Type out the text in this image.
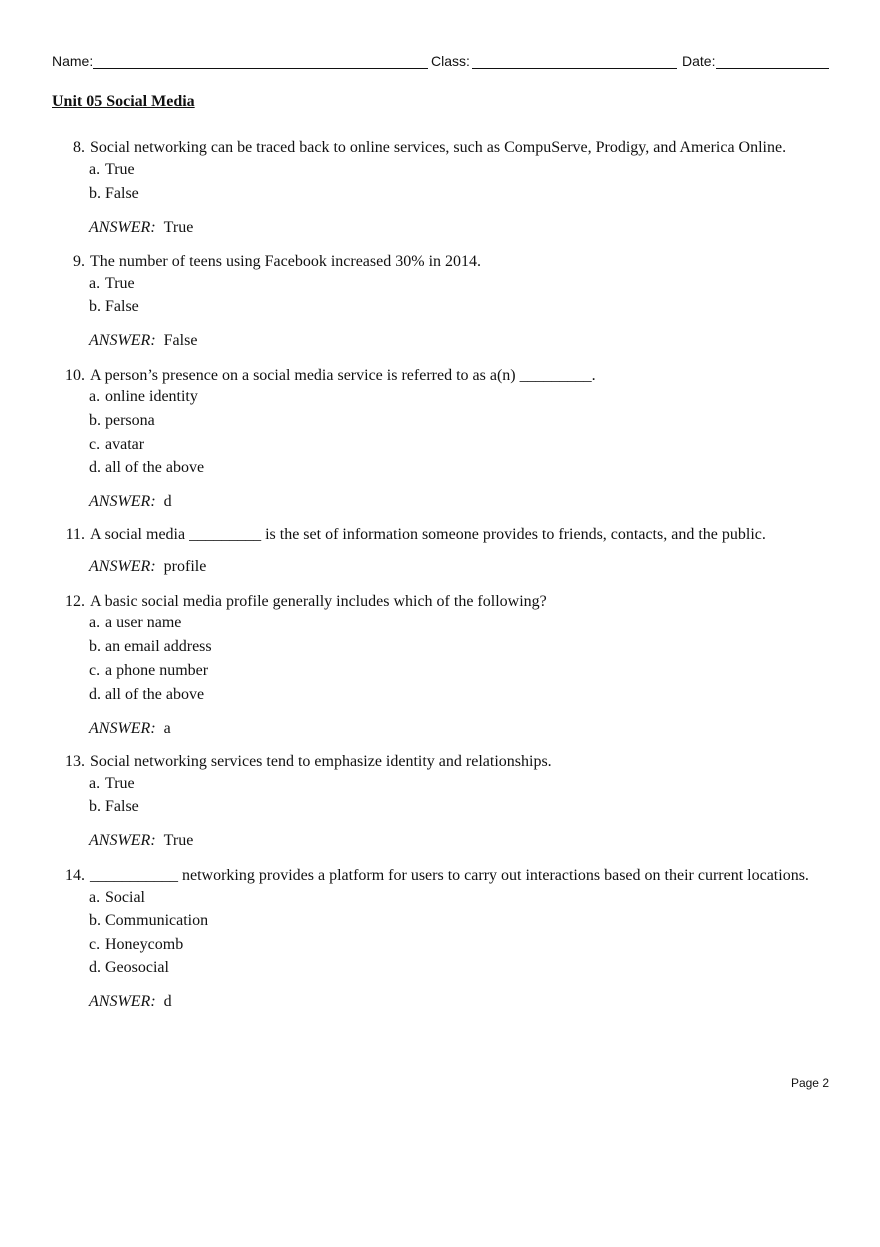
Name:	Class:	Date:
Unit 05 Social Media
8. Social networking can be traced back to online services, such as CompuServe, Prodigy, and America Online.
a. True
b. False
ANSWER: True
9. The number of teens using Facebook increased 30% in 2014.
a. True
b. False
ANSWER: False
10. A person’s presence on a social media service is referred to as a(n) _________.
a. online identity
b. persona
c. avatar
d. all of the above
ANSWER: d
11. A social media _________ is the set of information someone provides to friends, contacts, and the public.
ANSWER: profile
12. A basic social media profile generally includes which of the following?
a. a user name
b. an email address
c. a phone number
d. all of the above
ANSWER: a
13. Social networking services tend to emphasize identity and relationships.
a. True
b. False
ANSWER: True
14. ___________ networking provides a platform for users to carry out interactions based on their current locations.
a. Social
b. Communication
c. Honeycomb
d. Geosocial
ANSWER: d
Page 2
